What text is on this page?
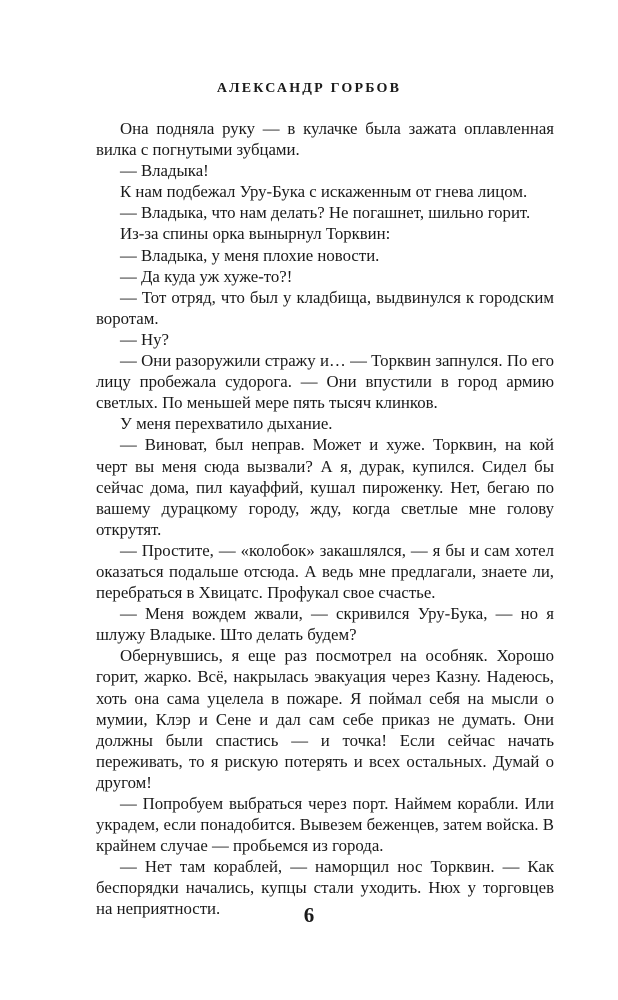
АЛЕКСАНДР ГОРБОВ

Она подняла руку — в кулачке была зажата оплавленная вилка с погнутыми зубцами.

— Владыка!

К нам подбежал Уру-Бука с искаженным от гнева лицом.

— Владыка, что нам делать? Не погашнет, шильно горит.

Из-за спины орка вынырнул Торквин:

— Владыка, у меня плохие новости.

— Да куда уж хуже-то?!

— Тот отряд, что был у кладбища, выдвинулся к городским воротам.

— Ну?

— Они разоружили стражу и… — Торквин запнулся. По его лицу пробежала судорога. — Они впустили в город армию светлых. По меньшей мере пять тысяч клинков.

У меня перехватило дыхание.

— Виноват, был неправ. Может и хуже. Торквин, на кой черт вы меня сюда вызвали? А я, дурак, купился. Сидел бы сейчас дома, пил кауаффий, кушал пироженку. Нет, бегаю по вашему дурацкому городу, жду, когда светлые мне голову открутят.

— Простите, — «колобок» закашлялся, — я бы и сам хотел оказаться подальше отсюда. А ведь мне предлагали, знаете ли, перебраться в Хвицатс. Профукал свое счастье.

— Меня вождем жвали, — скривился Уру-Бука, — но я шлужу Владыке. Што делать будем?

Обернувшись, я еще раз посмотрел на особняк. Хорошо горит, жарко. Всё, накрылась эвакуация через Казну. Надеюсь, хоть она сама уцелела в пожаре. Я поймал себя на мысли о мумии, Клэр и Сене и дал сам себе приказ не думать. Они должны были спастись — и точка! Если сейчас начать переживать, то я рискую потерять и всех остальных. Думай о другом!

— Попробуем выбраться через порт. Наймем корабли. Или украдем, если понадобится. Вывезем беженцев, затем войска. В крайнем случае — пробьемся из города.

— Нет там кораблей, — наморщил нос Торквин. — Как беспорядки начались, купцы стали уходить. Нюх у торговцев на неприятности.	6
